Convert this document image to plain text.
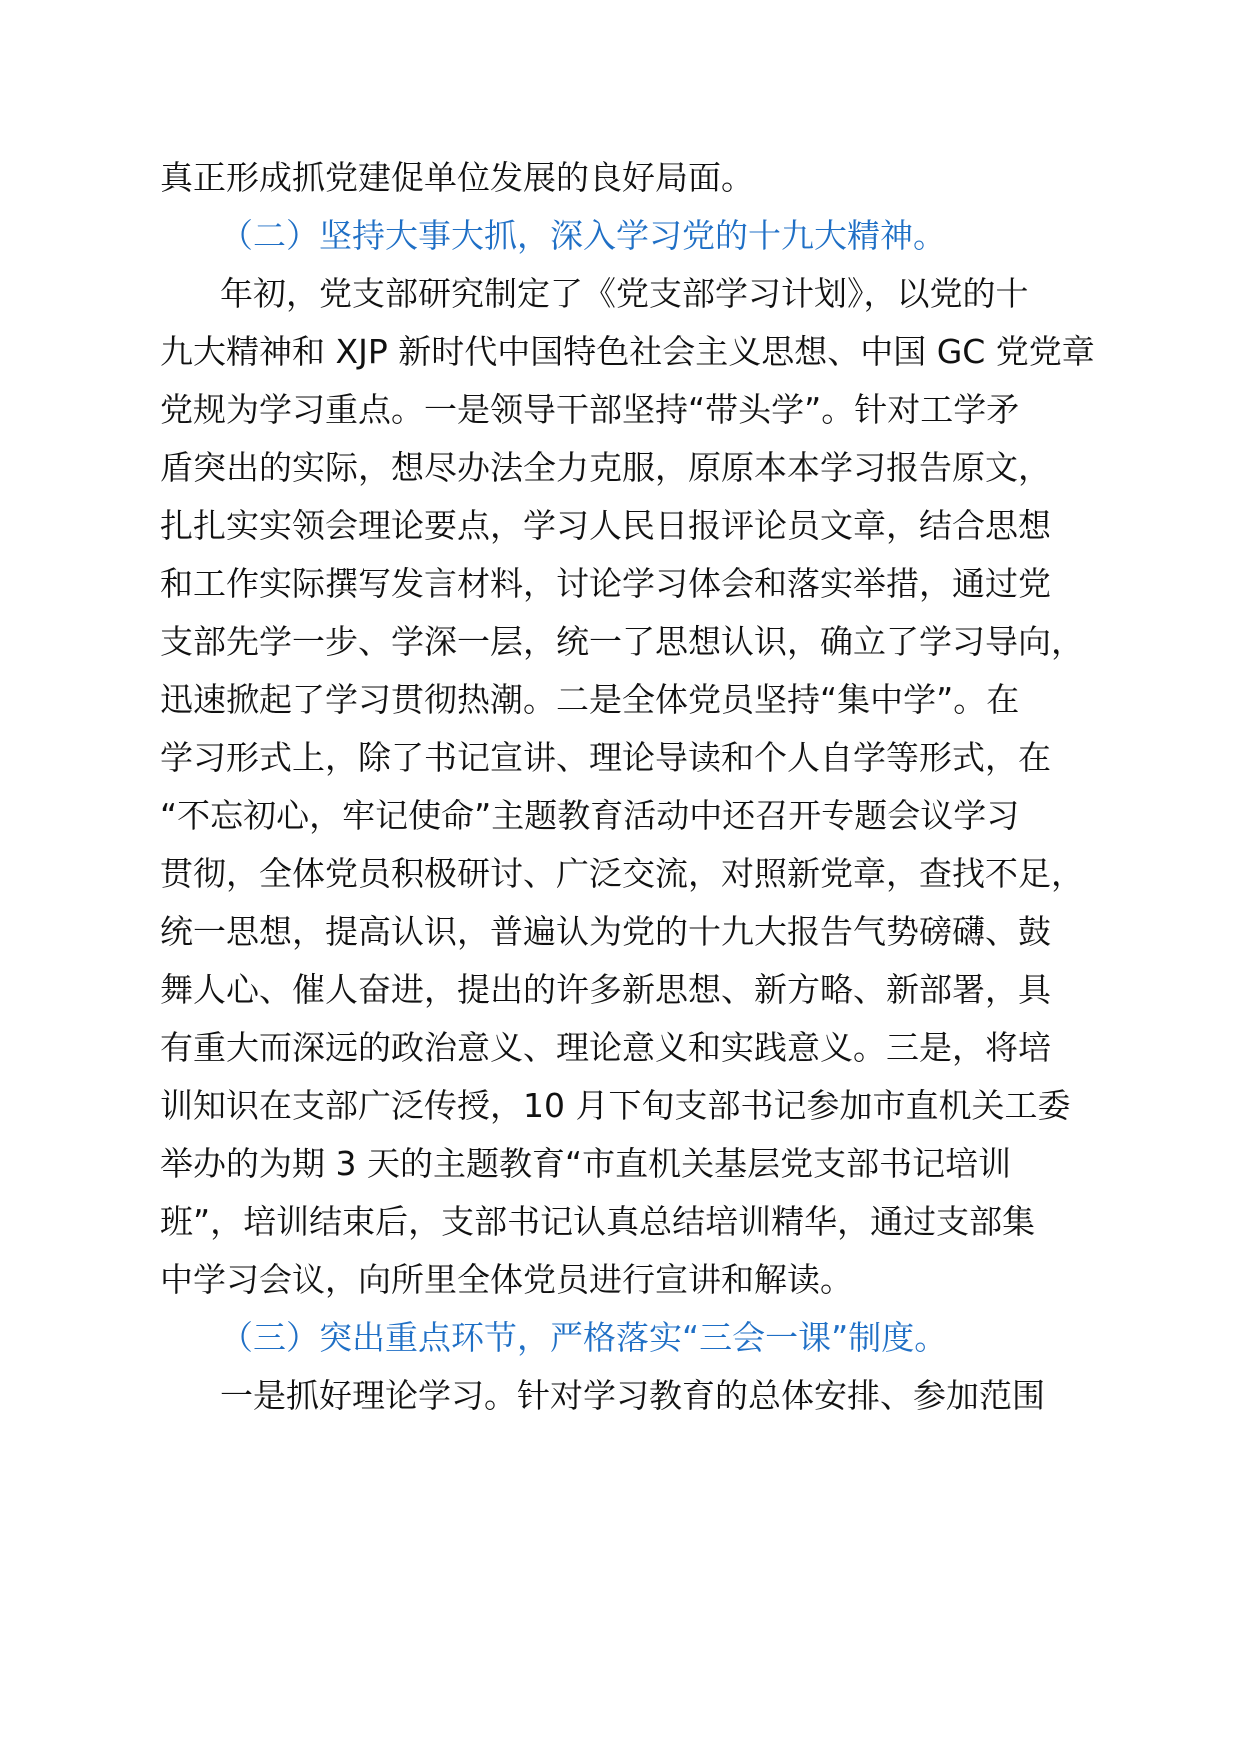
真正形成抓党建促单位发展的良好局面。
（二）坚持大事大抓，深入学习党的十九大精神。
年初，党支部研究制定了《党支部学习计划》，以党的十
九大精神和 XJP 新时代中国特色社会主义思想、中国 GC 党党章
党规为学习重点。一是领导干部坚持“带头学”。针对工学矛
盾突出的实际，想尽办法全力克服，原原本本学习报告原文，
扎扎实实领会理论要点，学习人民日报评论员文章，结合思想
和工作实际撰写发言材料，讨论学习体会和落实举措，通过党
支部先学一步、学深一层，统一了思想认识，确立了学习导向，
迅速掀起了学习贯彻热潮。二是全体党员坚持“集中学”。在
学习形式上，除了书记宣讲、理论导读和个人自学等形式，在
“不忘初心，牢记使命”主题教育活动中还召开专题会议学习
贯彻，全体党员积极研讨、广泛交流，对照新党章，查找不足，
统一思想，提高认识，普遍认为党的十九大报告气势磅礴、鼓
舞人心、催人奋进，提出的许多新思想、新方略、新部署，具
有重大而深远的政治意义、理论意义和实践意义。三是，将培
训知识在支部广泛传授，10 月下旬支部书记参加市直机关工委
举办的为期 3 天的主题教育“市直机关基层党支部书记培训
班”，培训结束后，支部书记认真总结培训精华，通过支部集
中学习会议，向所里全体党员进行宣讲和解读。
（三）突出重点环节，严格落实“三会一课”制度。
一是抓好理论学习。针对学习教育的总体安排、参加范围
